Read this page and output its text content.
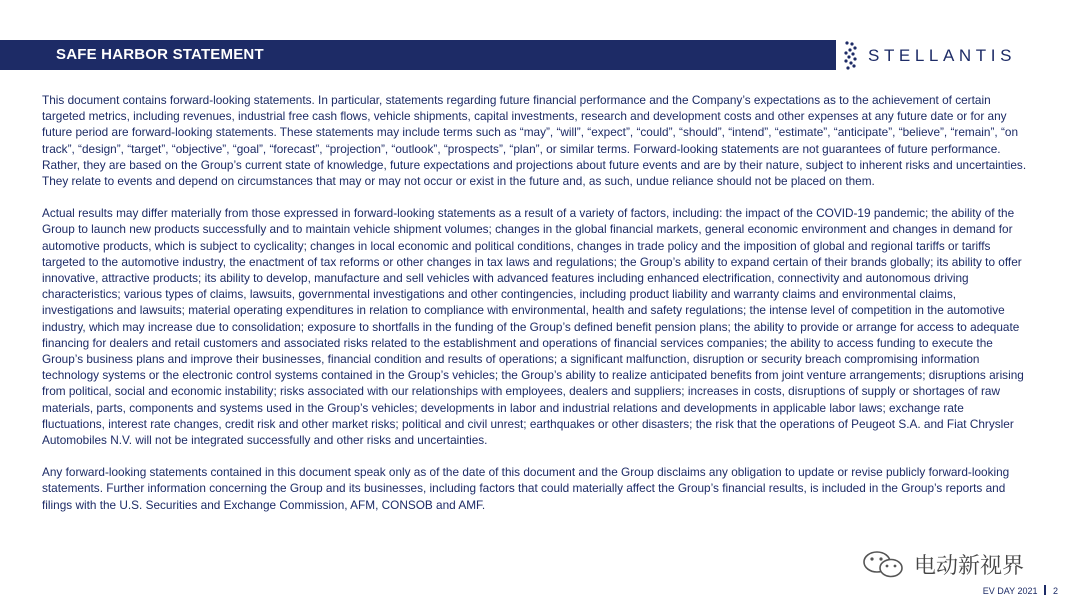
SAFE HARBOR STATEMENT	STELLANTIS

This document contains forward-looking statements. In particular, statements regarding future financial performance and the Company’s expectations as to the achievement of certain targeted metrics, including revenues, industrial free cash flows, vehicle shipments, capital investments, research and development costs and other expenses at any future date or for any future period are forward-looking statements. These statements may include terms such as “may”, “will”, “expect”, “could”, “should”, “intend”, “estimate”, “anticipate”, “believe”, “remain”, “on track”, “design”, “target”, “objective”, “goal”, “forecast”, “projection”, “outlook”, “prospects”, “plan”, or similar terms. Forward-looking statements are not guarantees of future performance. Rather, they are based on the Group’s current state of knowledge, future expectations and projections about future events and are by their nature, subject to inherent risks and uncertainties. They relate to events and depend on circumstances that may or may not occur or exist in the future and, as such, undue reliance should not be placed on them.

Actual results may differ materially from those expressed in forward-looking statements as a result of a variety of factors, including: the impact of the COVID-19 pandemic; the ability of the Group to launch new products successfully and to maintain vehicle shipment volumes; changes in the global financial markets, general economic environment and changes in demand for automotive products, which is subject to cyclicality; changes in local economic and political conditions, changes in trade policy and the imposition of global and regional tariffs or tariffs targeted to the automotive industry, the enactment of tax reforms or other changes in tax laws and regulations; the Group’s ability to expand certain of their brands globally; its ability to offer innovative, attractive products; its ability to develop, manufacture and sell vehicles with advanced features including enhanced electrification, connectivity and autonomous driving characteristics; various types of claims, lawsuits, governmental investigations and other contingencies, including product liability and warranty claims and environmental claims, investigations and lawsuits; material operating expenditures in relation to compliance with environmental, health and safety regulations; the intense level of competition in the automotive industry, which may increase due to consolidation; exposure to shortfalls in the funding of the Group’s defined benefit pension plans; the ability to provide or arrange for access to adequate financing for dealers and retail customers and associated risks related to the establishment and operations of financial services companies; the ability to access funding to execute the Group’s business plans and improve their businesses, financial condition and results of operations; a significant malfunction, disruption or security breach compromising information technology systems or the electronic control systems contained in the Group’s vehicles; the Group’s ability to realize anticipated benefits from joint venture arrangements; disruptions arising from political, social and economic instability; risks associated with our relationships with employees, dealers and suppliers; increases in costs, disruptions of supply or shortages of raw materials, parts, components and systems used in the Group’s vehicles; developments in labor and industrial relations and developments in applicable labor laws; exchange rate fluctuations, interest rate changes, credit risk and other market risks; political and civil unrest; earthquakes or other disasters; the risk that the operations of Peugeot S.A. and Fiat Chrysler Automobiles N.V. will not be integrated successfully and other risks and uncertainties.

Any forward-looking statements contained in this document speak only as of the date of this document and the Group disclaims any obligation to update or revise publicly forward-looking statements. Further information concerning the Group and its businesses, including factors that could materially affect the Group’s financial results, is included in the Group’s reports and filings with the U.S. Securities and Exchange Commission, AFM, CONSOB and AMF.

电动新视界
EV DAY 2021 2
